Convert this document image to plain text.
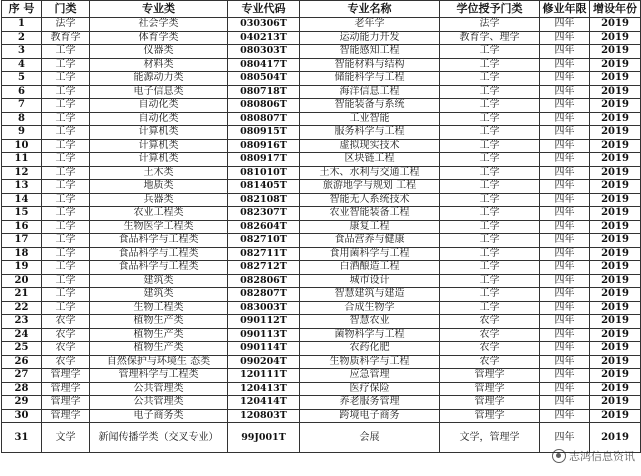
序 号	门类	专业类	专业代码	专业名称	学位授予门类	修业年限	增设年份
1	法学	社会学类	030306T	老年学	法学	四年	2019
2	教育学	体育学类	040213T	运动能力开发	教育学、理学	四年	2019
3	工学	仪器类	080303T	智能感知工程	工学	四年	2019
4	工学	材料类	080417T	智能材料与结构	工学	四年	2019
5	工学	能源动力类	080504T	储能科学与工程	工学	四年	2019
6	工学	电子信息类	080718T	海洋信息工程	工学	四年	2019
7	工学	自动化类	080806T	智能装备与系统	工学	四年	2019
8	工学	自动化类	080807T	工业智能	工学	四年	2019
9	工学	计算机类	080915T	服务科学与工程	工学	四年	2019
10	工学	计算机类	080916T	虚拟现实技术	工学	四年	2019
11	工学	计算机类	080917T	区块链工程	工学	四年	2019
12	工学	土木类	081010T	土木、水利与交通工程	工学	四年	2019
13	工学	地质类	081405T	旅游地学与规划 工程	工学	四年	2019
14	工学	兵器类	082108T	智能无人系统技术	工学	四年	2019
15	工学	农业工程类	082307T	农业智能装备工程	工学	四年	2019
16	工学	生物医学工程类	082604T	康复工程	工学	四年	2019
17	工学	食品科学与工程类	082710T	食品营养与健康	工学	四年	2019
18	工学	食品科学与工程类	082711T	食用菌科学与工程	工学	四年	2019
19	工学	食品科学与工程类	082712T	白酒酿造工程	工学	四年	2019
20	工学	建筑类	082806T	城市设计	工学	四年	2019
21	工学	建筑类	082807T	智慧建筑与建造	工学	四年	2019
22	工学	生物工程类	083003T	合成生物学	工学	四年	2019
23	农学	植物生产类	090112T	智慧农业	农学	四年	2019
24	农学	植物生产类	090113T	菌物科学与工程	农学	四年	2019
25	农学	植物生产类	090114T	农药化肥	农学	四年	2019
26	农学	自然保护与环境生 态类	090204T	生物质科学与工程	农学	四年	2019
27	管理学	管理科学与工程类	120111T	应急管理	管理学	四年	2019
28	管理学	公共管理类	120413T	医疗保险	管理学	四年	2019
29	管理学	公共管理类	120414T	养老服务管理	管理学	四年	2019
30	管理学	电子商务类	120803T	跨境电子商务	管理学	四年	2019
31	文学	新闻传播学类（交叉专业）	99J001T	会展	文学，管理学	四年	2019
志鸿信息资讯
